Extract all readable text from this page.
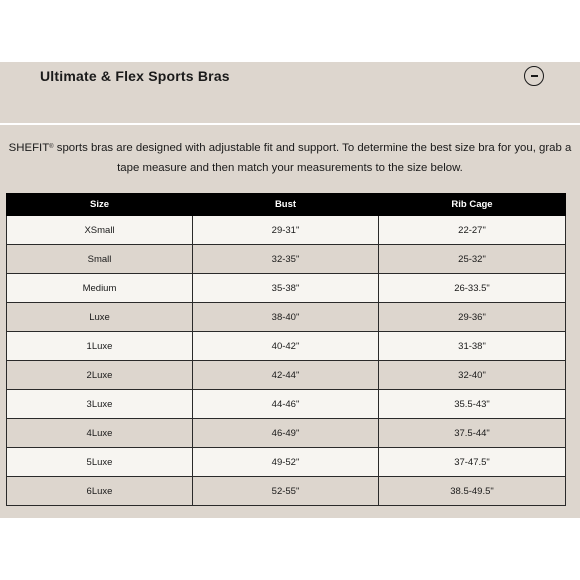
Ultimate & Flex Sports Bras
SHEFIT® sports bras are designed with adjustable fit and support. To determine the best size bra for you, grab a
tape measure and then match your measurements to the size below.
Size	Bust	Rib Cage
XSmall	29-31"	22-27"
Small	32-35"	25-32"
Medium	35-38"	26-33.5"
Luxe	38-40"	29-36"
1Luxe	40-42"	31-38"
2Luxe	42-44"	32-40"
3Luxe	44-46"	35.5-43"
4Luxe	46-49"	37.5-44"
5Luxe	49-52"	37-47.5"
6Luxe	52-55"	38.5-49.5"
